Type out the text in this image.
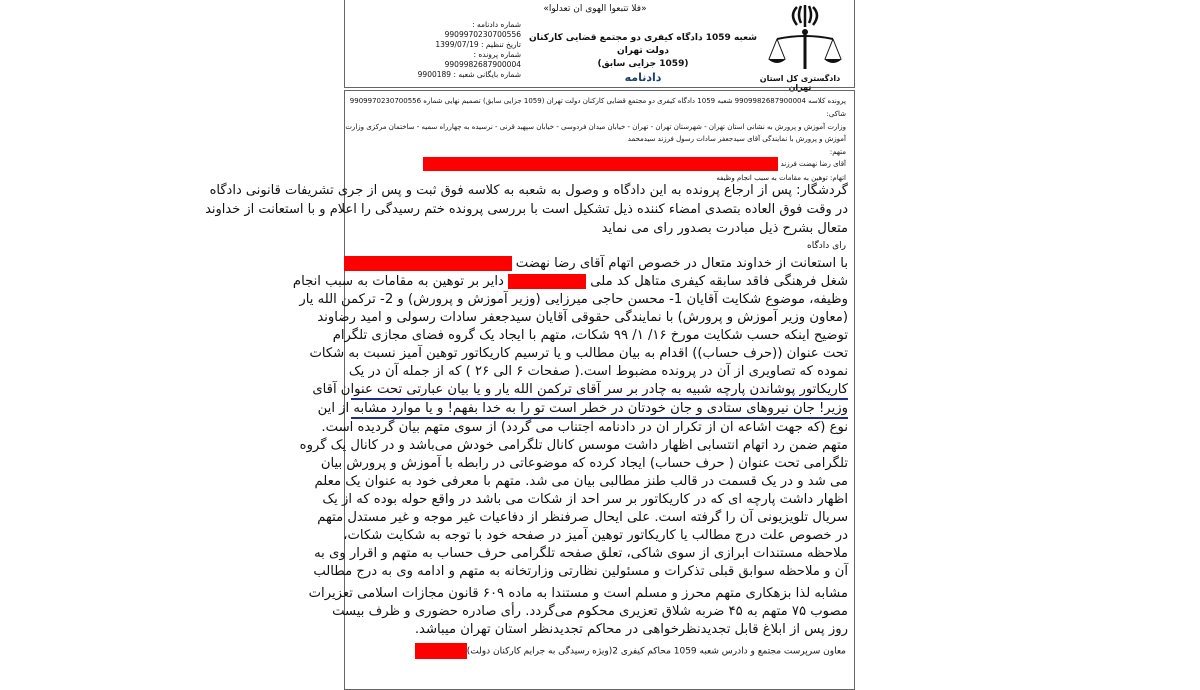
«فلا تتبعوا الهوی ان تعدلوا»
شماره دادنامه : 9909970230700556
تاریخ تنظیم : 1399/07/19
شماره پرونده : 9909982687900004
شماره بایگانی شعبه : 9900189
شعبه 1059 دادگاه کیفری دو مجتمع قضایی کارکنان دولت تهران
(1059 جزایی سابق)
دادنامه	دادگستری کل استان تهران
پرونده کلاسه 9909982687900004 شعبه 1059 دادگاه کیفری دو مجتمع قضایی کارکنان دولت تهران (1059 جزایی سابق) تصمیم نهایی شماره 9909970230700556
شاکی:
وزارت آموزش و پرورش به نشانی استان تهران - شهرستان تهران - تهران - خیابان میدان فردوسی - خیابان سپهبد قرنی - نرسیده به چهارراه سمیه - ساختمان مرکزی وزارت
آموزش و پرورش با نمایندگی آقای سیدجعفر سادات رسول فرزند سیدمحمد
متهم:
آقای رضا نهضت فرزند
اتهام: توهین به مقامات به سبب انجام وظیفه
گردشگار: پس از ارجاع پرونده به این دادگاه و وصول به شعبه به کلاسه فوق ثبت و پس از جری تشریفات قانونی دادگاه
در وقت فوق العاده بتصدی امضاء کننده ذیل تشکیل است با بررسی پرونده ختم رسیدگی را اعلام و با استعانت از خداوند
متعال بشرح ذیل مبادرت بصدور رای می نماید
رای دادگاه
با استعانت از خداوند متعال در خصوص اتهام آقای رضا نهضت
شغل فرهنگی فاقد سابقه کیفری متاهل کد ملی  دایر بر توهین به مقامات به سبب انجام
وظیفه، موضوع شکایت آقایان 1- محسن حاجی میرزایی (وزیر آموزش و پرورش) و 2- ترکمن الله یار
(معاون وزیر آموزش و پرورش) با نمایندگی حقوقی آقایان سیدجعفر سادات رسولی و امید رضاوند
توضیح اینکه حسب شکایت مورخ ۱۶/ ۱/ ۹۹ شکات، متهم با ایجاد یک گروه فضای مجازی تلگرام
تحت عنوان ((حرف حساب)) اقدام به بیان مطالب و یا ترسیم کاریکاتور توهین آمیز نسبت به شکات
نموده که تصاویری از آن در پرونده مضبوط است.( صفحات ۶ الی ۲۶ ) که از جمله آن در یک
کاریکاتور پوشاندن پارچه شبیه به چادر بر سر آقای ترکمن الله یار و یا بیان عبارتی تحت عنوان آقای
وزیر! جان نیروهای ستادی و جان خودتان در خطر است تو را به خدا بفهم! و یا موارد مشابه از این
نوع (که جهت اشاعه ان از تکرار ان در دادنامه اجتناب می گردد) از سوی متهم بیان گردیده است.
متهم ضمن رد اتهام انتسابی اظهار داشت موسس کانال تلگرامی خودش می‌باشد و در کانال یک گروه
تلگرامی تحت عنوان ( حرف حساب) ایجاد کرده که موضوعاتی در رابطه با آموزش و پرورش بیان
می شد و در یک قسمت در قالب طنز مطالبی بیان می شد. متهم با معرفی خود به عنوان یک معلم
اظهار داشت پارچه ای که در کاریکاتور بر سر احد از شکات می باشد در واقع حوله بوده که از یک
سریال تلویزیونی آن را گرفته است. علی ایحال صرفنظر از دفاعیات غیر موجه و غیر مستدل متهم
در خصوص علت درج مطالب یا کاریکاتور توهین آمیز در صفحه خود با توجه به شکایت شکات،
ملاحظه مستندات ابرازی از سوی شاکی، تعلق صفحه تلگرامی حرف حساب به متهم و اقرار وی به
آن و ملاحظه سوابق قبلی تذکرات و مسئولین نظارتی وزارتخانه به متهم و ادامه وی به درج مطالب
مشابه لذا بزهکاری متهم محرز و مسلم است و مستندا به ماده ۶۰۹ قانون مجازات اسلامی تعزیرات
مصوب ۷۵ متهم به ۴۵ ضربه شلاق تعزیری محکوم می‌گردد. رأی صادره حضوری و ظرف بیست
روز پس از ابلاغ قابل تجدیدنظرخواهی در محاکم تجدیدنظر استان تهران میباشد.
معاون سرپرست مجتمع و دادرس شعبه 1059 محاکم کیفری 2(ویژه رسیدگی به جرایم کارکنان دولت)
